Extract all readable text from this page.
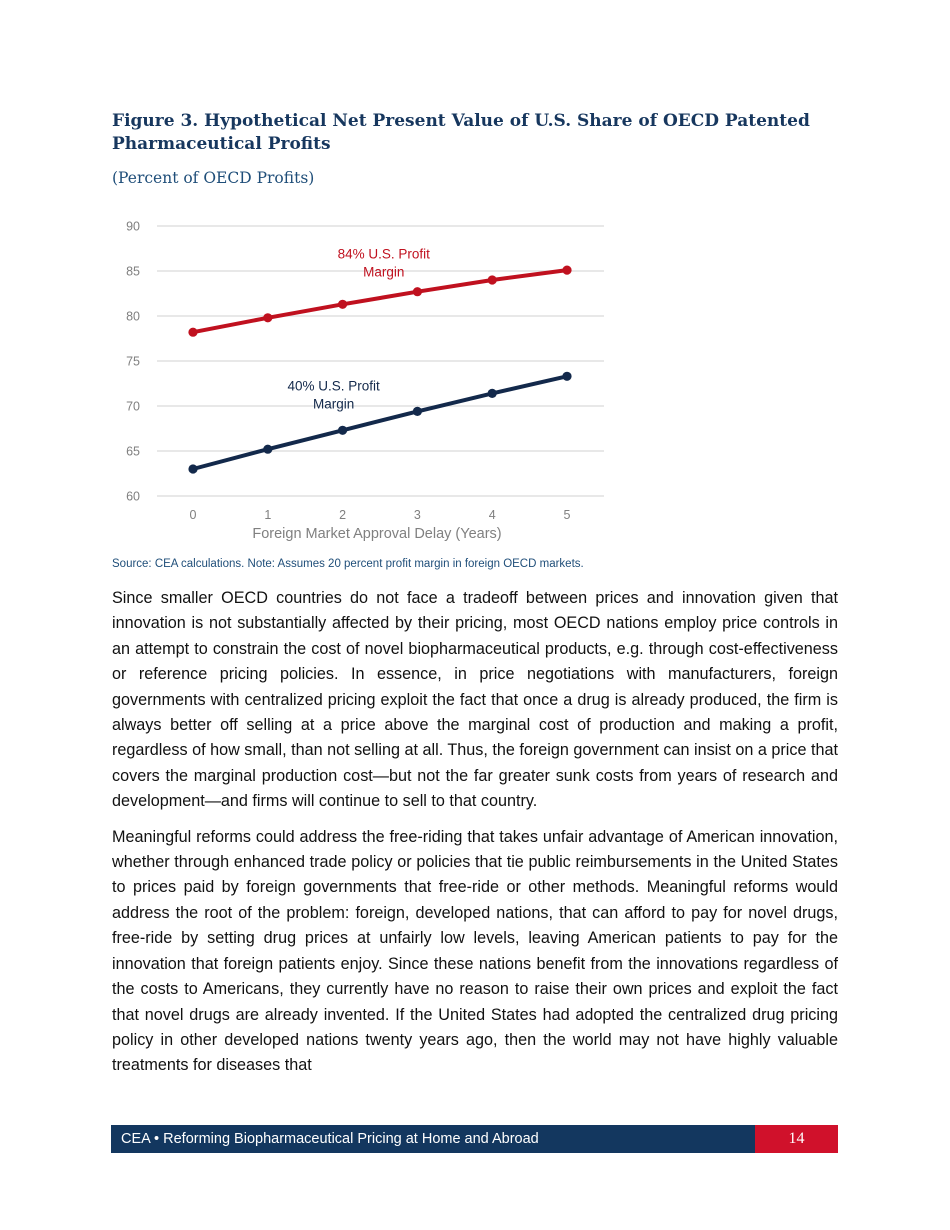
Figure 3. Hypothetical Net Present Value of U.S. Share of OECD Patented Pharmaceutical Profits
(Percent of OECD Profits)
60
65
70
75
80
85
90
0	1	2	3	4	5
84% U.S. Profit
Margin
40% U.S. Profit
Margin
Foreign Market Approval Delay (Years)
Source: CEA calculations. Note: Assumes 20 percent profit margin in foreign OECD markets.

Since smaller OECD countries do not face a tradeoff between prices and innovation given that innovation is not substantially affected by their pricing, most OECD nations employ price controls in an attempt to constrain the cost of novel biopharmaceutical products, e.g. through cost-effectiveness or reference pricing policies. In essence, in price negotiations with manufacturers, foreign governments with centralized pricing exploit the fact that once a drug is already produced, the firm is always better off selling at a price above the marginal cost of production and making a profit, regardless of how small, than not selling at all. Thus, the foreign government can insist on a price that covers the marginal production cost—but not the far greater sunk costs from years of research and development—and firms will continue to sell to that country.

Meaningful reforms could address the free-riding that takes unfair advantage of American innovation, whether through enhanced trade policy or policies that tie public reimbursements in the United States to prices paid by foreign governments that free-ride or other methods. Meaningful reforms would address the root of the problem: foreign, developed nations, that can afford to pay for novel drugs, free-ride by setting drug prices at unfairly low levels, leaving American patients to pay for the innovation that foreign patients enjoy. Since these nations benefit from the innovations regardless of the costs to Americans, they currently have no reason to raise their own prices and exploit the fact that novel drugs are already invented. If the United States had adopted the centralized drug pricing policy in other developed nations twenty years ago, then the world may not have highly valuable treatments for diseases that

CEA • Reforming Biopharmaceutical Pricing at Home and Abroad	14
